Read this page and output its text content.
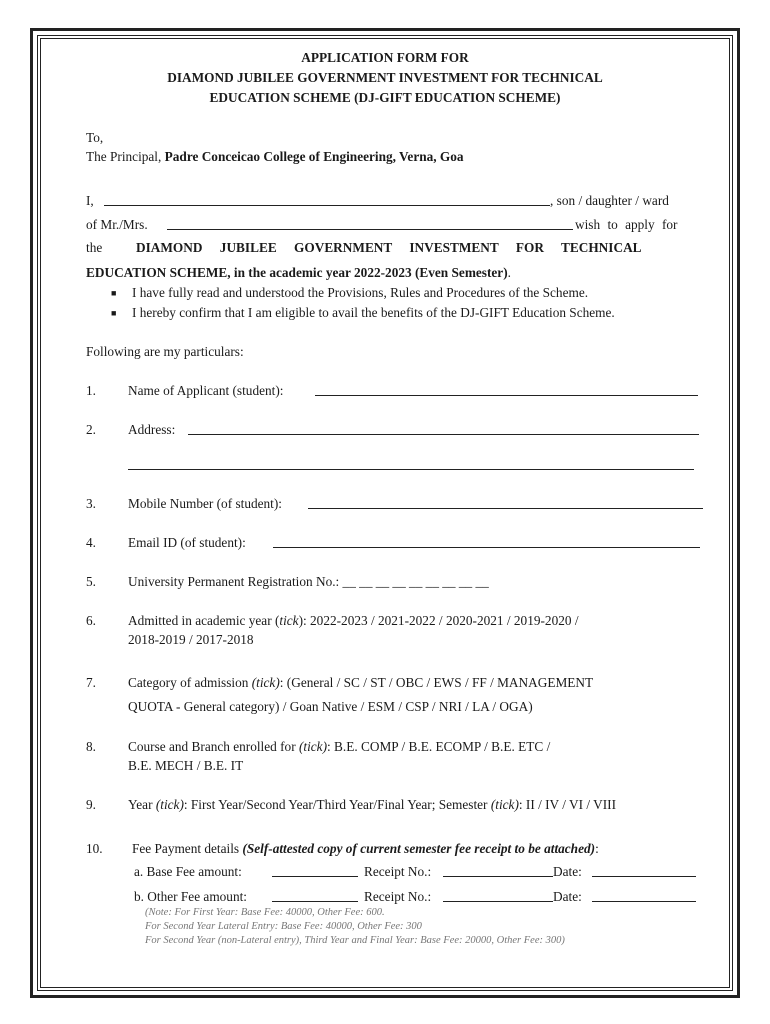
APPLICATION FORM FOR
DIAMOND JUBILEE GOVERNMENT INVESTMENT FOR TECHNICAL
EDUCATION SCHEME (DJ-GIFT EDUCATION SCHEME)
To,
The Principal, Padre Conceicao College of Engineering, Verna, Goa
I,	, son / daughter / ward
of Mr./Mrs.	wish to apply for
the	DIAMOND JUBILEE GOVERNMENT INVESTMENT FOR TECHNICAL
EDUCATION SCHEME, in the academic year 2022-2023 (Even Semester).
■ I have fully read and understood the Provisions, Rules and Procedures of the Scheme.
■ I hereby confirm that I am eligible to avail the benefits of the DJ-GIFT Education Scheme.
Following are my particulars:
1. Name of Applicant (student):
2. Address:
3. Mobile Number (of student):
4. Email ID (of student):
5. University Permanent Registration No.: __ __ __ __ __ __ __ __ __
6. Admitted in academic year (tick): 2022-2023 / 2021-2022 / 2020-2021 / 2019-2020 /
2018-2019 / 2017-2018
7. Category of admission (tick): (General / SC / ST / OBC / EWS / FF / MANAGEMENT
QUOTA - General category) / Goan Native / ESM / CSP / NRI / LA / OGA)
8. Course and Branch enrolled for (tick): B.E. COMP / B.E. ECOMP / B.E. ETC /
B.E. MECH / B.E. IT
9. Year (tick): First Year/Second Year/Third Year/Final Year; Semester (tick): II / IV / VI / VIII
10. Fee Payment details (Self-attested copy of current semester fee receipt to be attached):
a. Base Fee amount:	Receipt No.:	Date:
b. Other Fee amount:	Receipt No.:	Date:
(Note: For First Year: Base Fee: 40000, Other Fee: 600.
For Second Year Lateral Entry: Base Fee: 40000, Other Fee: 300
For Second Year (non-Lateral entry), Third Year and Final Year: Base Fee: 20000, Other Fee: 300)
